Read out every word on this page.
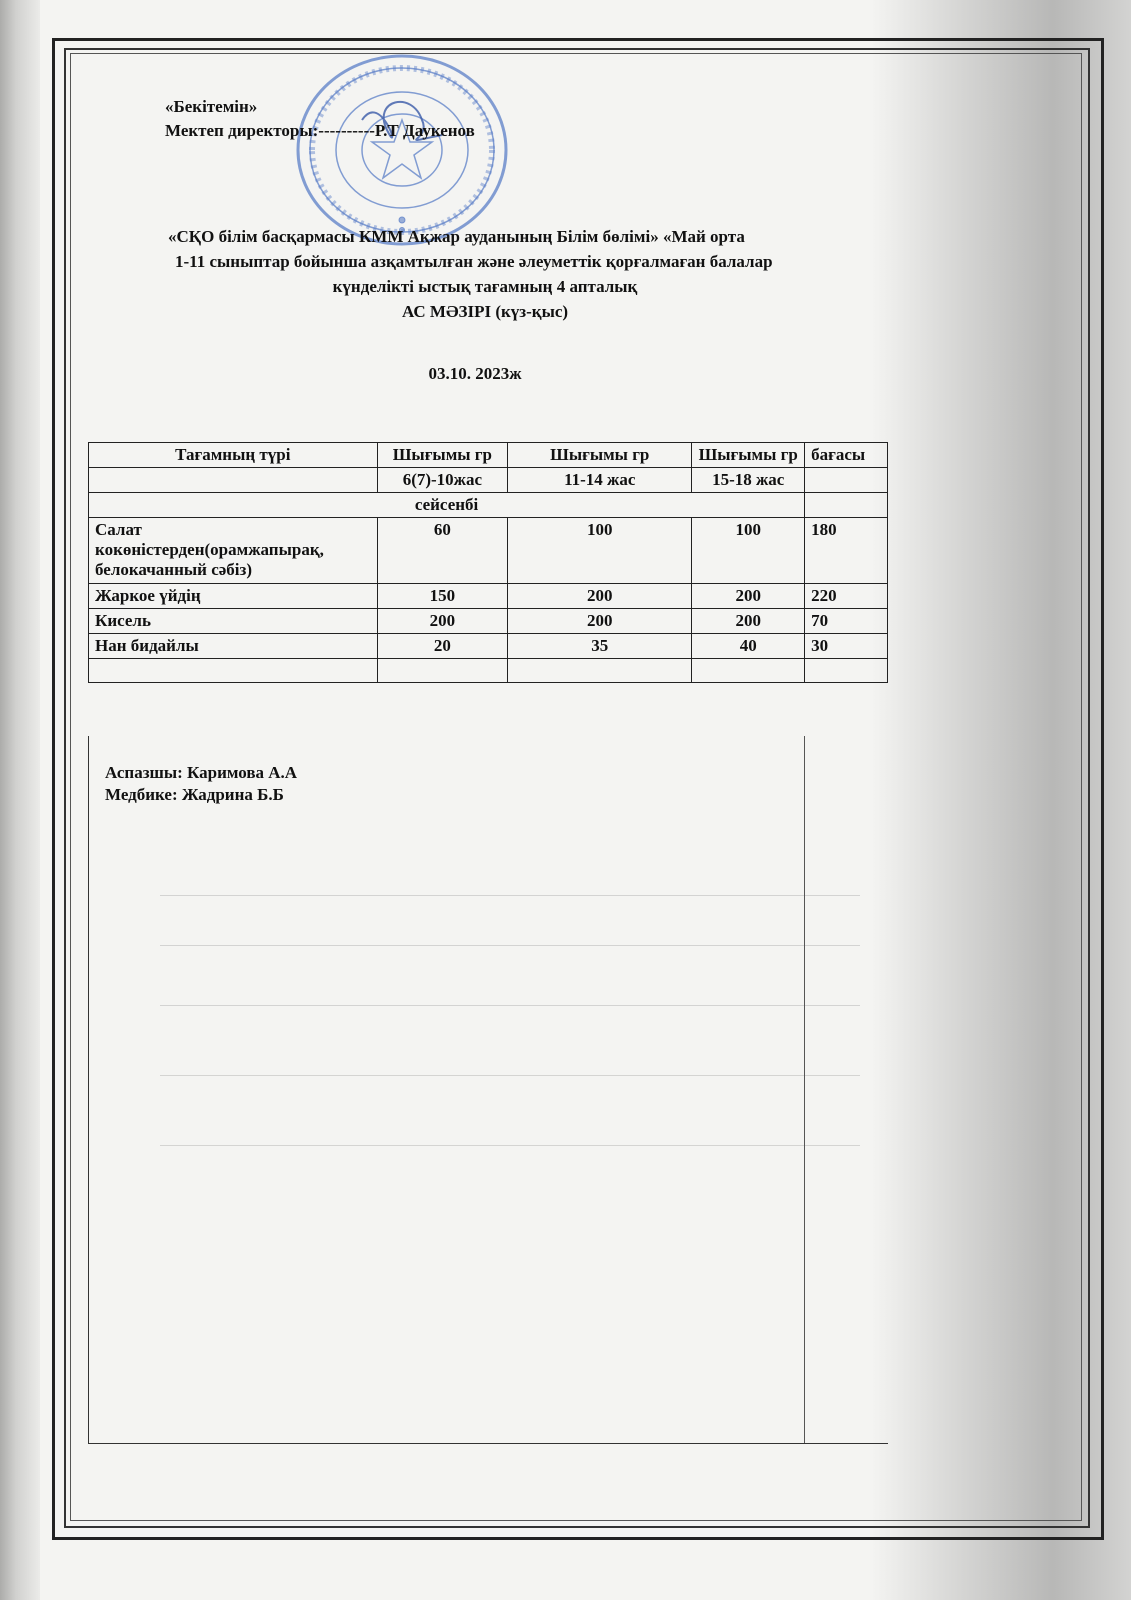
«Бекітемін»
Мектеп директоры:----------Р.Т Даукенов
«СҚО білім басқармасы КММ Ақжар ауданының Білім бөлімі» «Май орта
1-11 сыныптар бойынша азқамтылған және әлеуметтік қорғалмаған балалар
күнделікті ыстық тағамның 4 апталық
АС МӘЗІРІ (күз-қыс)
03.10. 2023ж
Тағамның түрі	Шығымы гр	Шығымы гр	Шығымы гр	бағасы
	6(7)-10жас	11-14 жас	15-18 жас	
сейсенбі				
Салат кокөністерден(орамжапырақ, белокачанный сәбіз)	60	100	100	180
Жаркое үйдің	150	200	200	220
Кисель	200	200	200	70
Нан бидайлы	20	35	40	30

Аспазшы: Каримова А.А
Медбике: Жадрина Б.Б
